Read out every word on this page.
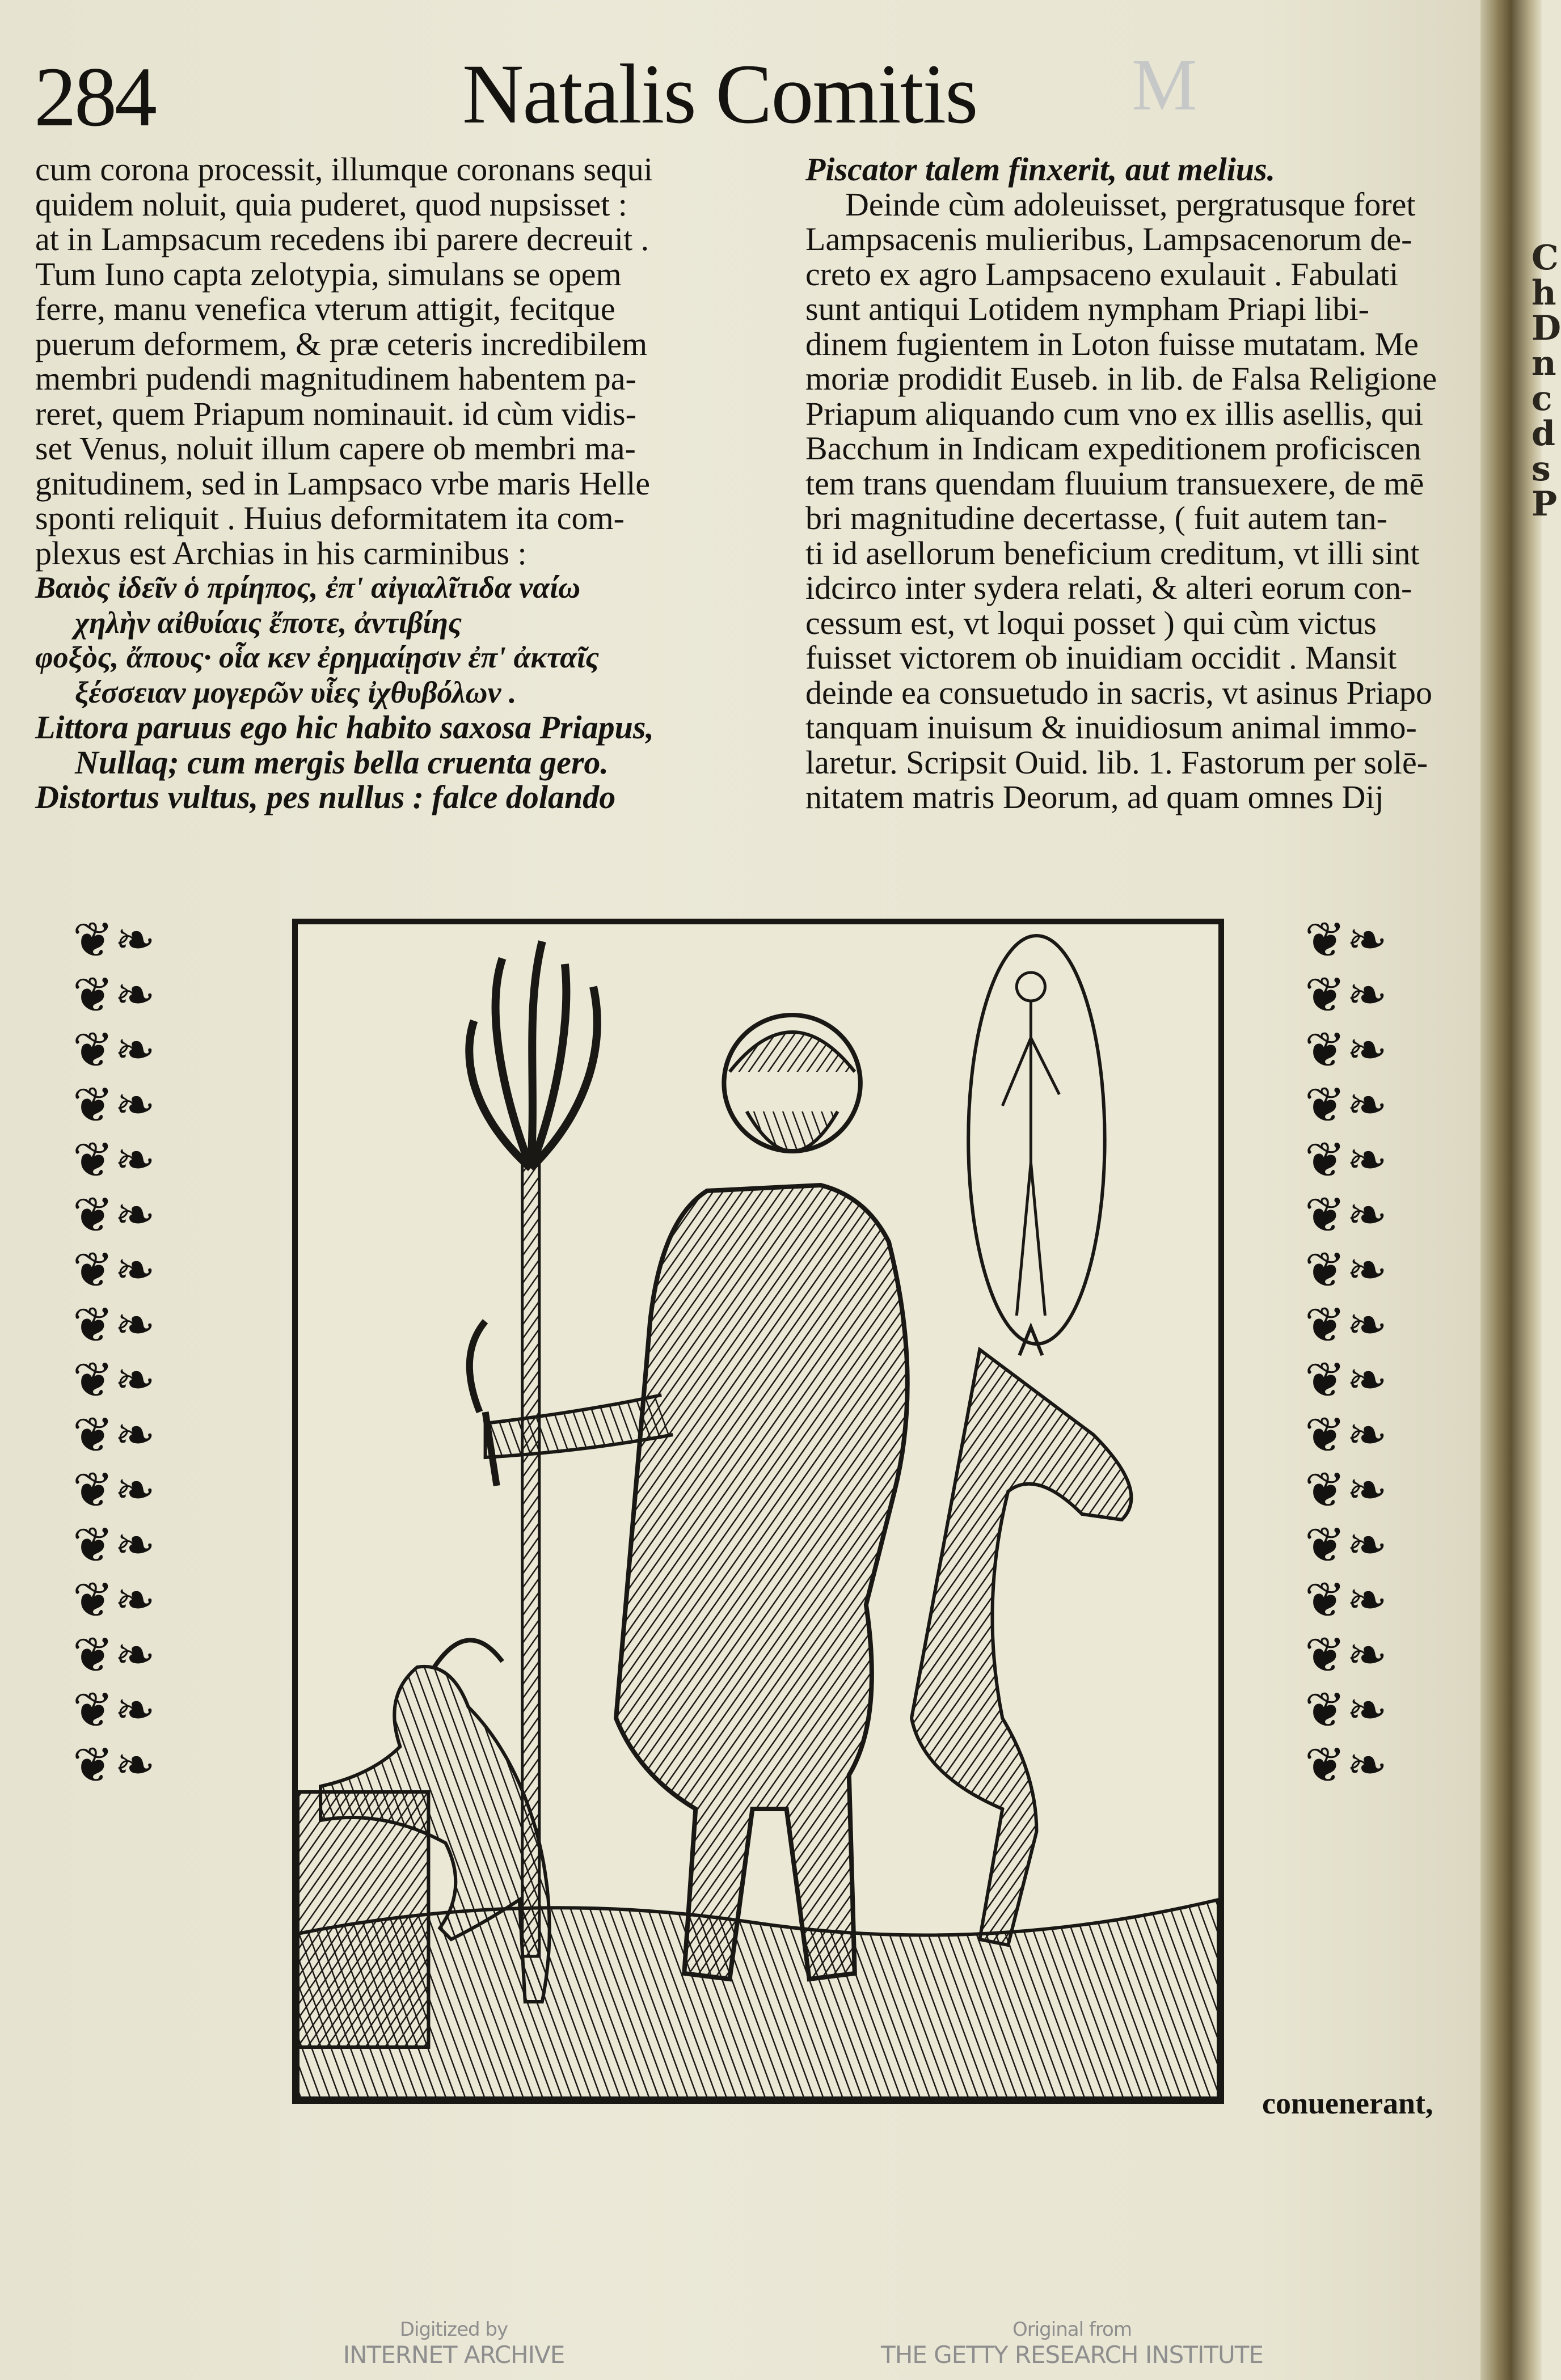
C
h
D
n
c
d
s
P
284	Natalis Comitis M
cum corona processit, illumque coronans sequi
quidem noluit, quia puderet, quod nupsisset :
at in Lampsacum recedens ibi parere decreuit .
Tum Iuno capta zelotypia, simulans se opem
ferre, manu venefica vterum attigit, fecitque
puerum deformem, & præ ceteris incredibilem
membri pudendi magnitudinem habentem pa-
reret, quem Priapum nominauit. id cùm vidis-
set Venus, noluit illum capere ob membri ma-
gnitudinem, sed in Lampsaco vrbe maris Helle
sponti reliquit . Huius deformitatem ita com-
plexus est Archias in his carminibus :
Βαιὸς ἰδεῖν ὁ πρίηπος, ἐπ' αἰγιαλῖτιδα ναίω
χηλὴν αἰθυίαις ἔποτε, ἀντιβίης
φοξὸς, ἄπους· οἷα κεν ἐρημαίῃσιν ἐπ' ἀκταῖς
ξέσσειαν μογερῶν υἷες ἰχθυβόλων .
Littora paruus ego hic habito saxosa Priapus,
Nullaq; cum mergis bella cruenta gero.
Distortus vultus, pes nullus : falce dolando
Piscator talem finxerit, aut melius.
Deinde cùm adoleuisset, pergratusque foret
Lampsacenis mulieribus, Lampsacenorum de-
creto ex agro Lampsaceno exulauit . Fabulati
sunt antiqui Lotidem nympham Priapi libi-
dinem fugientem in Loton fuisse mutatam. Me
moriæ prodidit Euseb. in lib. de Falsa Religione
Priapum aliquando cum vno ex illis asellis, qui
Bacchum in Indicam expeditionem proficiscen
tem trans quendam fluuium transuexere, de mē
bri magnitudine decertasse, ( fuit autem tan-
ti id asellorum beneficium creditum, vt illi sint
idcirco inter sydera relati, & alteri eorum con-
cessum est, vt loqui posset ) qui cùm victus
fuisset victorem ob inuidiam occidit . Mansit
deinde ea consuetudo in sacris, vt asinus Priapo
tanquam inuisum & inuidiosum animal immo-
laretur. Scripsit Ouid. lib. 1. Fastorum per solē-
nitatem matris Deorum, ad quam omnes Dij
❦❧
❦❧
❦❧
❦❧
❦❧
❦❧
❦❧
❦❧
❦❧
❦❧
❦❧
❦❧
❦❧
❦❧
❦❧
❦❧
❦❧
❦❧
❦❧
❦❧
❦❧
❦❧
❦❧
❦❧
❦❧
❦❧
❦❧
❦❧
❦❧
❦❧
❦❧
❦❧
conuenerant,
Digitized by
INTERNET ARCHIVE
Original from
THE GETTY RESEARCH INSTITUTE
